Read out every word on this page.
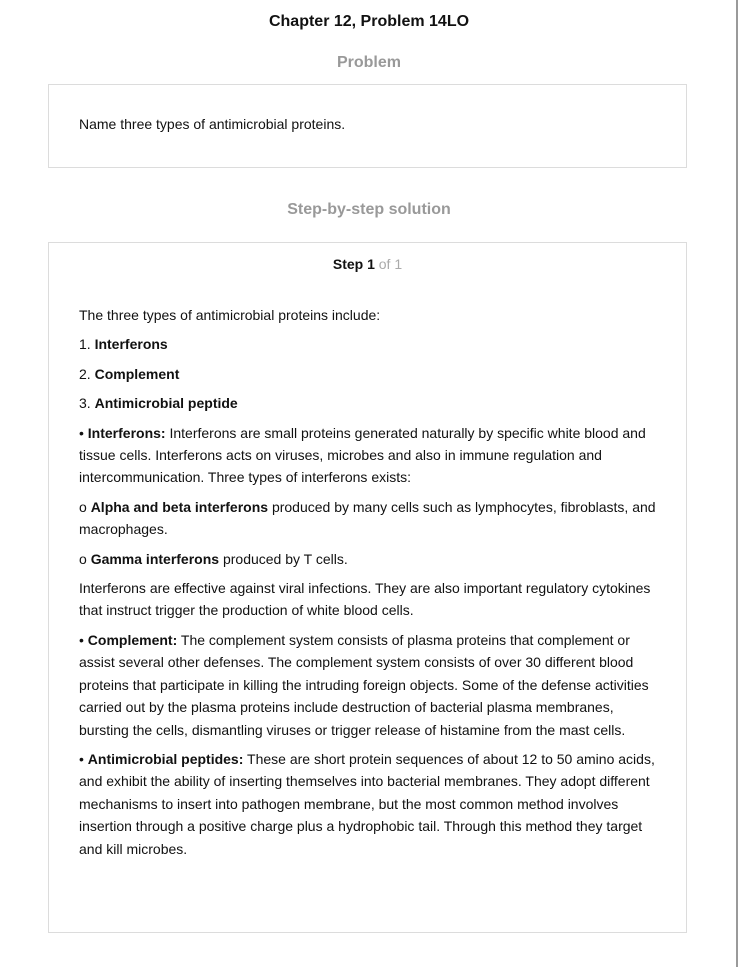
Chapter 12, Problem 14LO
Problem
Name three types of antimicrobial proteins.
Step-by-step solution
Step 1 of 1

The three types of antimicrobial proteins include:

1. Interferons

2. Complement

3. Antimicrobial peptide

• Interferons: Interferons are small proteins generated naturally by specific white blood and tissue cells. Interferons acts on viruses, microbes and also in immune regulation and intercommunication. Three types of interferons exists:

o Alpha and beta interferons produced by many cells such as lymphocytes, fibroblasts, and macrophages.

o Gamma interferons produced by T cells.

Interferons are effective against viral infections. They are also important regulatory cytokines that instruct trigger the production of white blood cells.

• Complement: The complement system consists of plasma proteins that complement or assist several other defenses. The complement system consists of over 30 different blood proteins that participate in killing the intruding foreign objects. Some of the defense activities carried out by the plasma proteins include destruction of bacterial plasma membranes, bursting the cells, dismantling viruses or trigger release of histamine from the mast cells.

• Antimicrobial peptides: These are short protein sequences of about 12 to 50 amino acids, and exhibit the ability of inserting themselves into bacterial membranes. They adopt different mechanisms to insert into pathogen membrane, but the most common method involves insertion through a positive charge plus a hydrophobic tail. Through this method they target and kill microbes.
